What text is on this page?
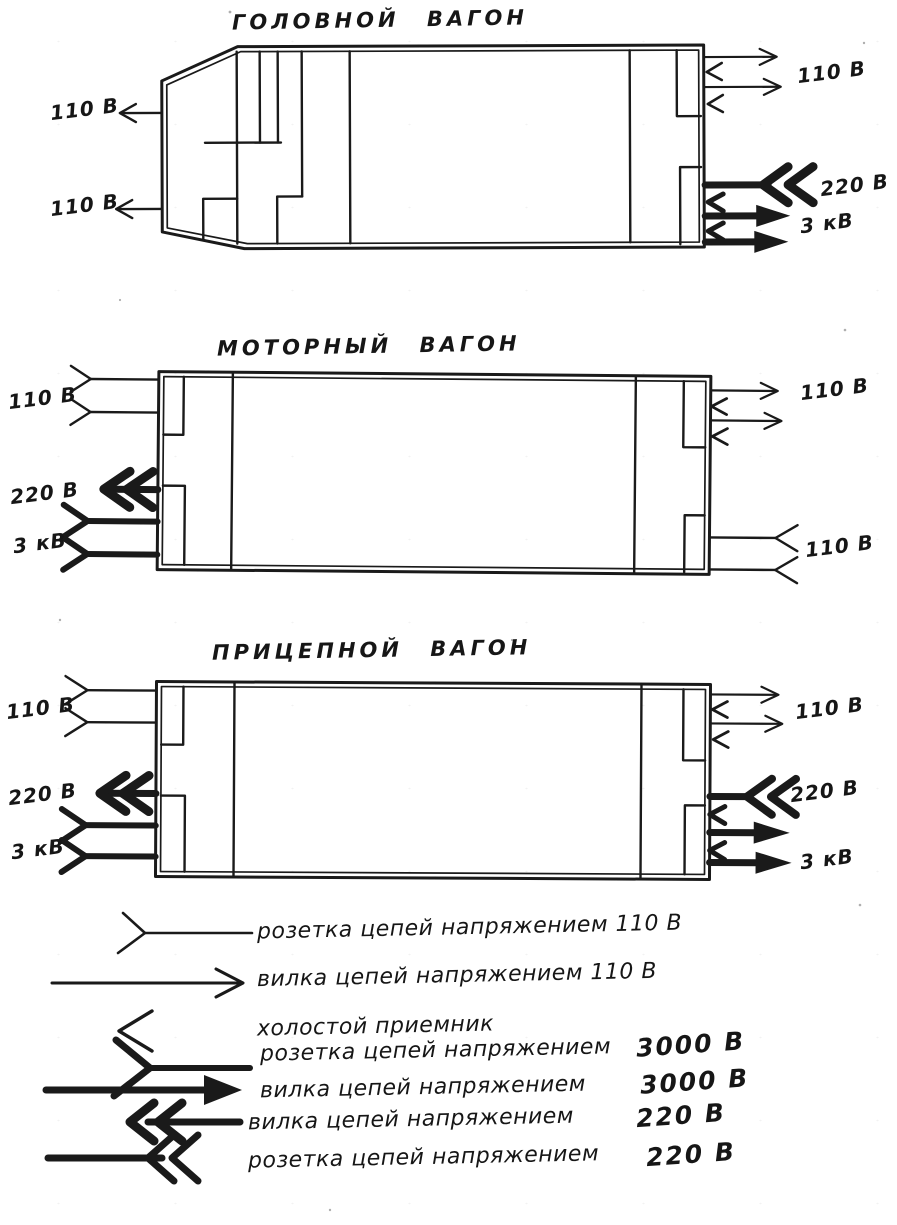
ГОЛОВНОЙ ВАГОН
110 В
110 В
110 В
220 В
3 кВ
МОТОРНЫЙ ВАГОН
110 В
220 В
3 кВ
110 В
110 В
ПРИЦЕПНОЙ ВАГОН
110 В
220 В
3 кВ
110 В
220 В
3 кВ
розетка цепей напряжением 110 В
вилка цепей напряжением 110 В
холостой приемник
розетка цепей напряжением 3000 В
вилка цепей напряжением 3000 В
вилка цепей напряжением 220 В
розетка цепей напряжением 220 В
